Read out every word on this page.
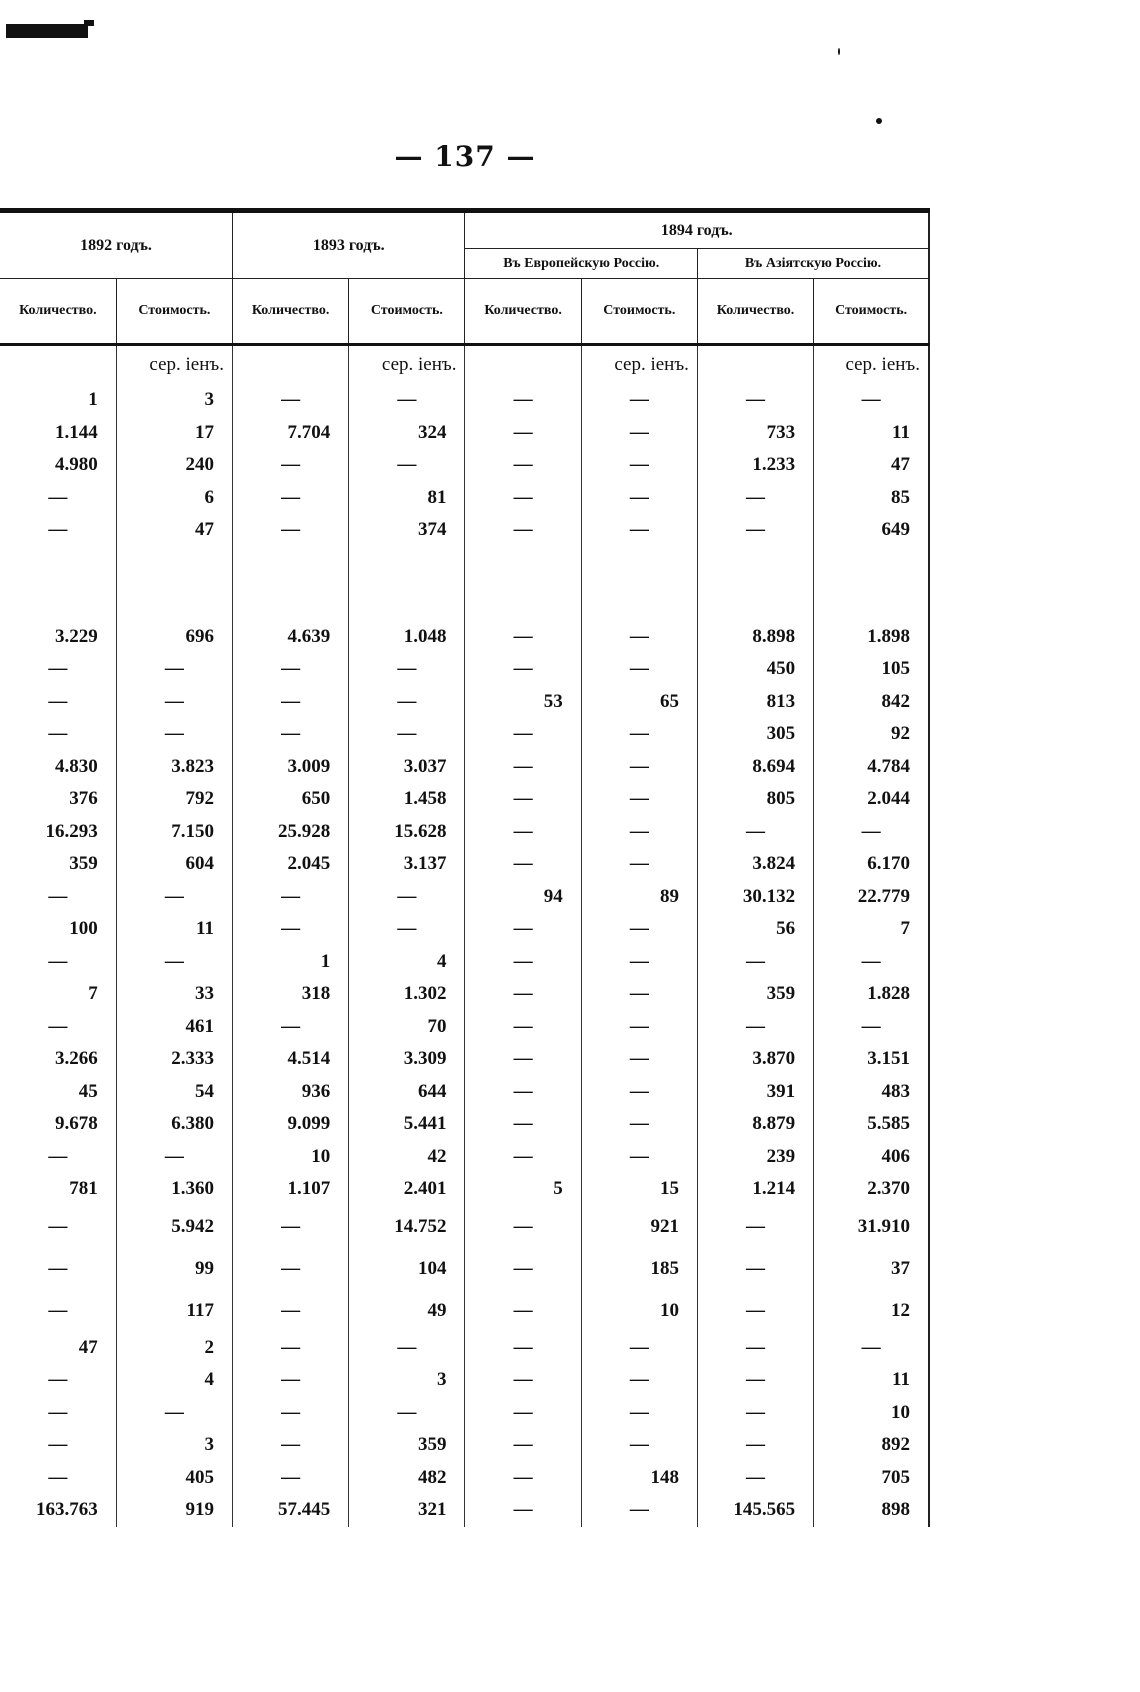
— 137 —
1892 годъ.		1893 годъ.		1894 годъ.			
				Въ Европейскую Россію.		Въ Азіятскую Россію.	
Количество.	Стоимость.	Количество.	Стоимость.	Количество.	Стоимость.	Количество.	Стоимость.
	сер. іенъ.		сер. іенъ.		сер. іенъ.		сер. іенъ.
1	3	—	—	—	—	—	—
1.144	17	7.704	324	—	—	733	11
4.980	240	—	—	—	—	1.233	47
—	6	—	81	—	—	—	85
—	47	—	374	—	—	—	649

3.229	696	4.639	1.048	—	—	8.898	1.898
—	—	—	—	—	—	450	105
—	—	—	—	53	65	813	842
—	—	—	—	—	—	305	92
4.830	3.823	3.009	3.037	—	—	8.694	4.784
376	792	650	1.458	—	—	805	2.044
16.293	7.150	25.928	15.628	—	—	—	—
359	604	2.045	3.137	—	—	3.824	6.170
—	—	—	—	94	89	30.132	22.779
100	11	—	—	—	—	56	7
—	—	1	4	—	—	—	—
7	33	318	1.302	—	—	359	1.828
—	461	—	70	—	—	—	—
3.266	2.333	4.514	3.309	—	—	3.870	3.151
45	54	936	644	—	—	391	483
9.678	6.380	9.099	5.441	—	—	8.879	5.585
—	—	10	42	—	—	239	406
781	1.360	1.107	2.401	5	15	1.214	2.370
—	5.942	—	14.752	—	921	—	31.910
—	99	—	104	—	185	—	37
—	117	—	49	—	10	—	12
47	2	—	—	—	—	—	—
—	4	—	3	—	—	—	11
—	—	—	—	—	—	—	10
—	3	—	359	—	—	—	892
—	405	—	482	—	148	—	705
163.763	919	57.445	321	—	—	145.565	898
